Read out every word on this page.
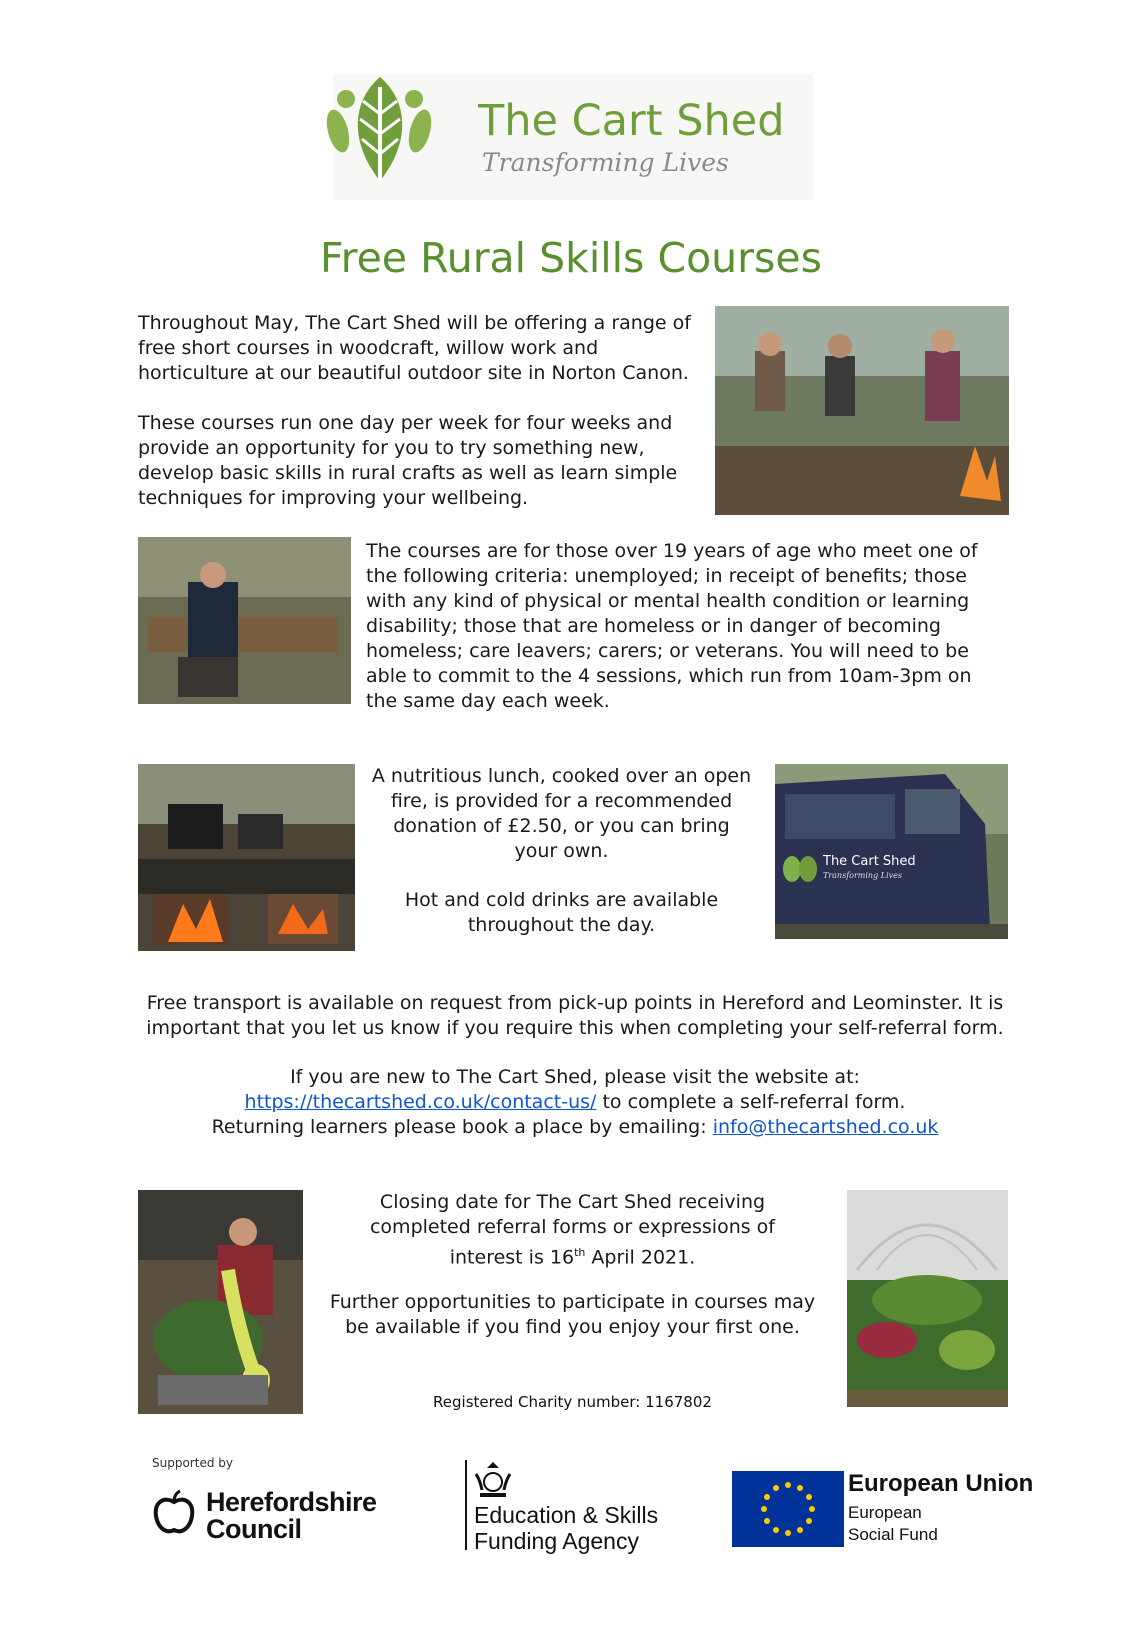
The Cart Shed
Transforming Lives
Free Rural Skills Courses
Throughout May, The Cart Shed will be offering a range of free short courses in woodcraft, willow work and horticulture at our beautiful outdoor site in Norton Canon.
These courses run one day per week for four weeks and provide an opportunity for you to try something new, develop basic skills in rural crafts as well as learn simple techniques for improving your wellbeing.
The courses are for those over 19 years of age who meet one of the following criteria: unemployed; in receipt of benefits; those with any kind of physical or mental health condition or learning disability; those that are homeless or in danger of becoming homeless; care leavers; carers; or veterans. You will need to be able to commit to the 4 sessions, which run from 10am-3pm on the same day each week.
A nutritious lunch, cooked over an open fire, is provided for a recommended donation of £2.50, or you can bring your own.
Hot and cold drinks are available throughout the day.
The Cart Shed
Transforming Lives
Free transport is available on request from pick-up points in Hereford and Leominster. It is important that you let us know if you require this when completing your self-referral form.
If you are new to The Cart Shed, please visit the website at:
https://thecartshed.co.uk/contact-us/ to complete a self-referral form.
Returning learners please book a place by emailing: info@thecartshed.co.uk
Closing date for The Cart Shed receiving completed referral forms or expressions of interest is 16th April 2021.
Further opportunities to participate in courses may be available if you find you enjoy your first one.
Registered Charity number: 1167802
Supported by
Herefordshire
Council	Education & Skills
Funding Agency
European Union
European
Social Fund
